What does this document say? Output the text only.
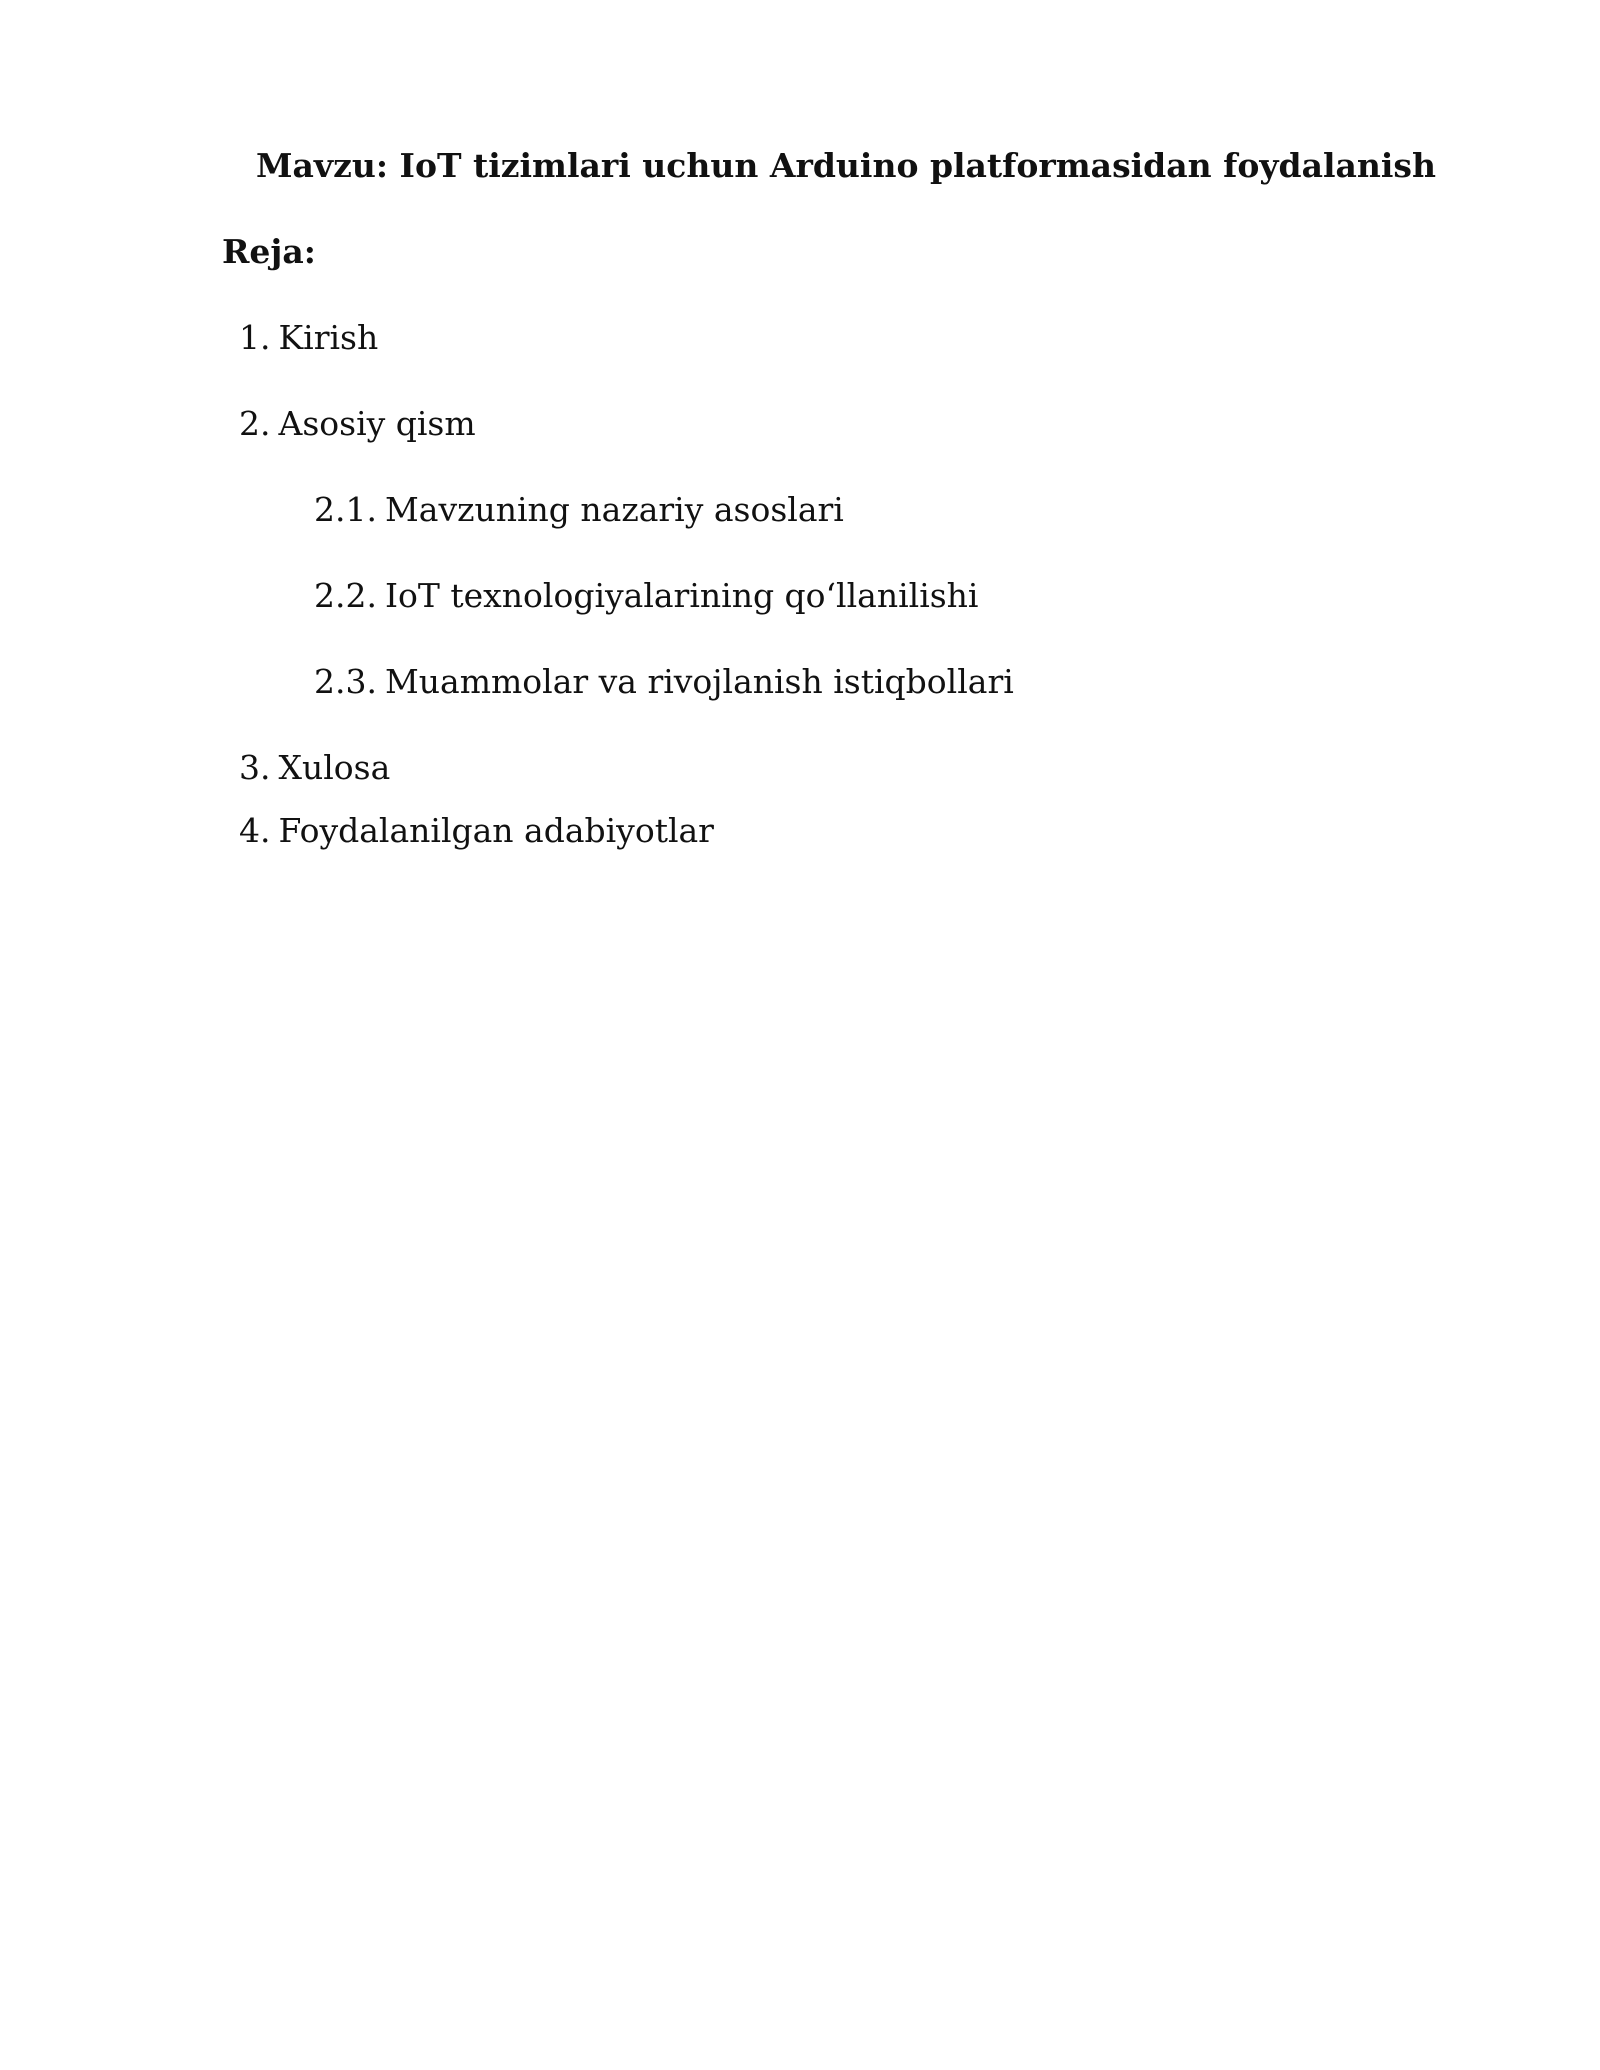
Mavzu: IoT tizimlari uchun Arduino platformasidan foydalanish
Reja:
1. Kirish
2. Asosiy qism
2.1. Mavzuning nazariy asoslari
2.2. IoT texnologiyalarining qo‘llanilishi
2.3. Muammolar va rivojlanish istiqbollari
3. Xulosa
4. Foydalanilgan adabiyotlar
